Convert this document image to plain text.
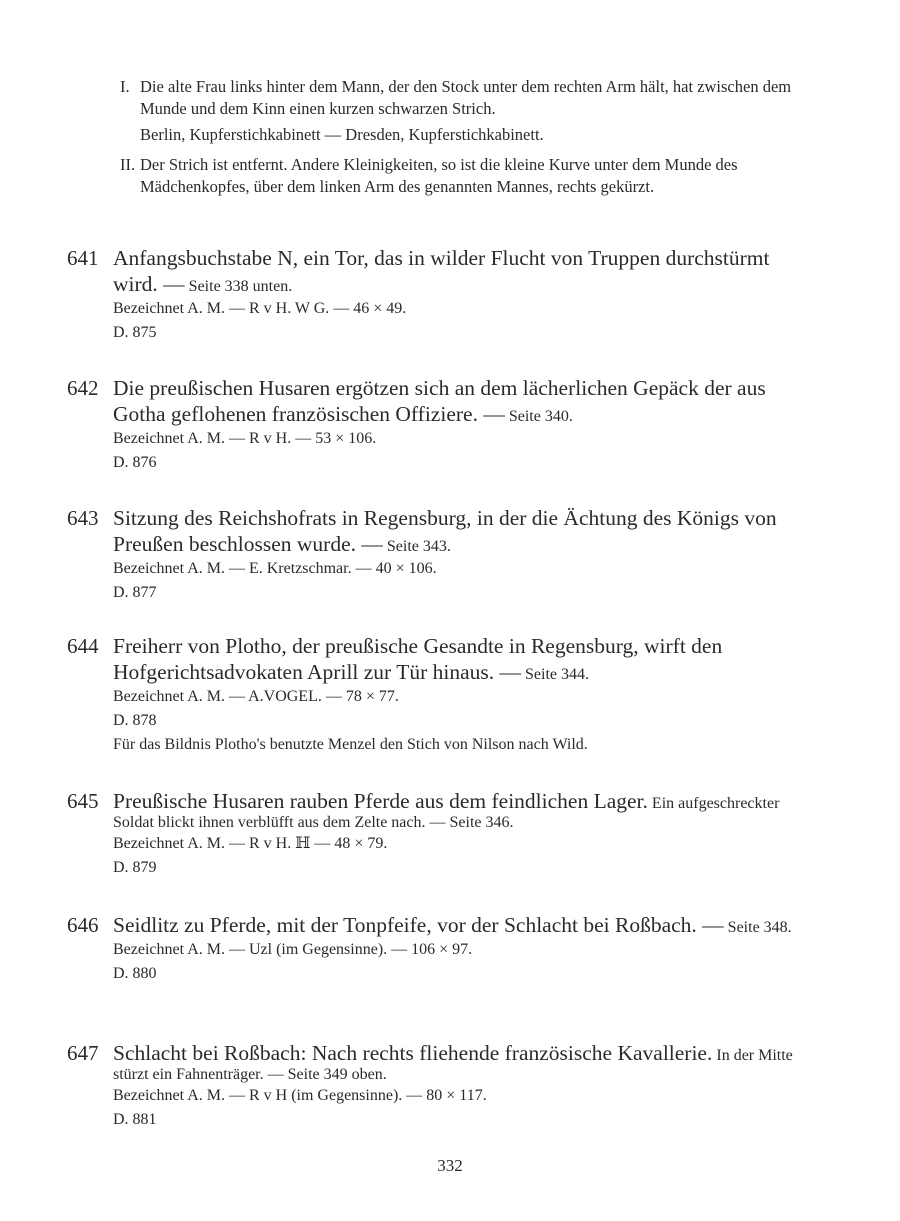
I. Die alte Frau links hinter dem Mann, der den Stock unter dem rechten Arm hält, hat zwischen dem Munde und dem Kinn einen kurzen schwarzen Strich.
Berlin, Kupferstichkabinett — Dresden, Kupferstichkabinett.
II. Der Strich ist entfernt. Andere Kleinigkeiten, so ist die kleine Kurve unter dem Munde des Mädchenkopfes, über dem linken Arm des genannten Mannes, rechts gekürzt.
641 Anfangsbuchstabe N, ein Tor, das in wilder Flucht von Truppen durchstürmt wird. — Seite 338 unten.
Bezeichnet A. M. — R v H. W G. — 46 × 49.
D. 875
642 Die preußischen Husaren ergötzen sich an dem lächerlichen Gepäck der aus Gotha geflohenen französischen Offiziere. — Seite 340.
Bezeichnet A. M. — R v H. — 53 × 106.
D. 876
643 Sitzung des Reichshofrats in Regensburg, in der die Ächtung des Königs von Preußen beschlossen wurde. — Seite 343.
Bezeichnet A. M. — E. Kretzschmar. — 40 × 106.
D. 877
644 Freiherr von Plotho, der preußische Gesandte in Regensburg, wirft den Hofgerichtsadvokaten Aprill zur Tür hinaus. — Seite 344.
Bezeichnet A. M. — A.VOGEL. — 78 × 77.
D. 878
Für das Bildnis Plotho's benutzte Menzel den Stich von Nilson nach Wild.
645 Preußische Husaren rauben Pferde aus dem feindlichen Lager. Ein aufgeschreckter Soldat blickt ihnen verblüfft aus dem Zelte nach. — Seite 346.
Bezeichnet A. M. — R v H. ℍ — 48 × 79.
D. 879
646 Seidlitz zu Pferde, mit der Tonpfeife, vor der Schlacht bei Roßbach. — Seite 348.
Bezeichnet A. M. — Uzl (im Gegensinne). — 106 × 97.
D. 880
647 Schlacht bei Roßbach: Nach rechts fliehende französische Kavallerie. In der Mitte stürzt ein Fahnenträger. — Seite 349 oben.
Bezeichnet A. M. — R v H (im Gegensinne). — 80 × 117.
D. 881
332
